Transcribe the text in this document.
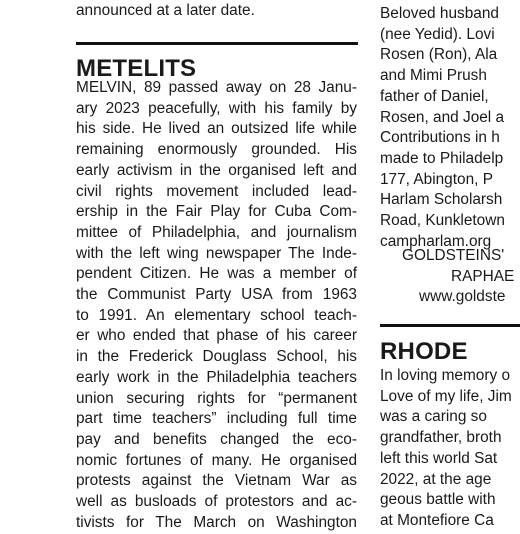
announced at a later date.
METELITS
MELVIN, 89 passed away on 28 Janu-
ary 2023 peacefully, with his family by
his side. He lived an outsized life while
remaining enormously grounded. His
early activism in the organised left and
civil rights movement included lead-
ership in the Fair Play for Cuba Com-
mittee of Philadelphia, and journalism
with the left wing newspaper The Inde-
pendent Citizen. He was a member of
the Communist Party USA from 1963
to 1991. An elementary school teach-
er who ended that phase of his career
in the Frederick Douglass School, his
early work in the Philadelphia teachers
union securing rights for “permanent
part time teachers” including full time
pay and benefits changed the eco-
nomic fortunes of many. He organised
protests against the Vietnam War as
well as busloads of protestors and ac-
tivists for The March on Washington
Beloved husband
(nee Yedid). Lovi
Rosen (Ron), Ala
and Mimi Prush
father of Daniel,
Rosen, and Joel a
Contributions in h
made to Philadelp
177, Abington, P
Harlam Scholarsh
Road, Kunkletown
campharlam.org
GOLDSTEINS'
RAPHAE
www.goldste
RHODE
In loving memory o
Love of my life, Jim
was a caring so
grandfather, broth
left this world Sat
2022, at the age
geous battle with
at Montefiore Ca
